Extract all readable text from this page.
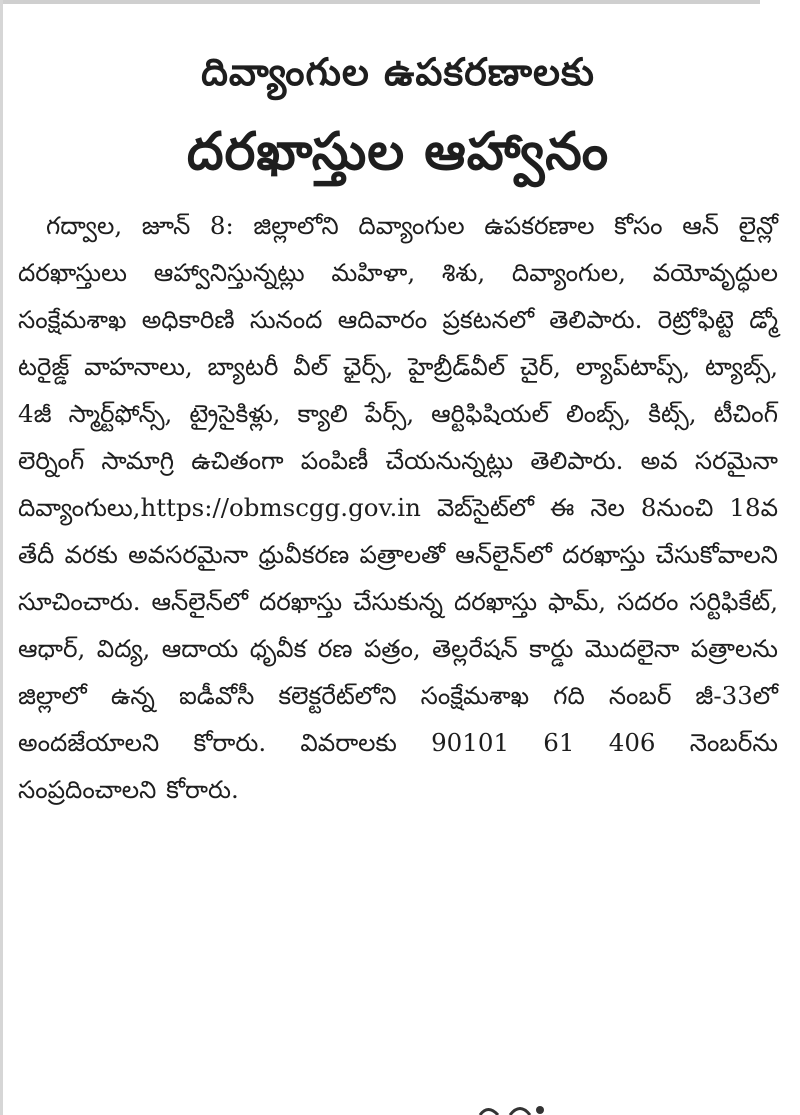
దివ్యాంగుల ఉపకరణాలకు
దరఖాస్తుల ఆహ్వానం

గద్వాల, జూన్ 8: జిల్లాలోని దివ్యాంగుల ఉపకరణాల కోసం ఆన్ లైన్లో దరఖాస్తులు ఆహ్వానిస్తున్నట్లు మహిళా, శిశు, దివ్యాంగుల, వయోవృద్ధుల సంక్షేమశాఖ అధికారిణి సునంద ఆదివారం ప్రకటనలో తెలిపారు. రెట్రోఫిట్టె డ్మో టరైజ్డ్ వాహనాలు, బ్యాటరీ వీల్ ఛైర్స్, హైబ్రీడ్‌వీల్ చైర్, ల్యాప్‌టాప్స్, ట్యాబ్స్, 4జీ స్మార్ట్‌ఫోన్స్, ట్రైసైకిళ్లు, క్యాలి పేర్స్, ఆర్టిఫిషియల్ లింబ్స్, కిట్స్, టీచింగ్ లెర్నింగ్ సామాగ్రి ఉచితంగా పంపిణీ చేయనున్నట్లు తెలిపారు. అవ సరమైనా దివ్యాంగులు,https://obmscgg.gov.in వెబ్‌సైట్‌లో ఈ నెల 8నుంచి 18వ తేదీ వరకు అవసరమైనా ధ్రువీకరణ పత్రాలతో ఆన్‌లైన్‌లో దరఖాస్తు చేసుకోవాలని సూచించారు. ఆన్‌లైన్‌లో దరఖాస్తు చేసుకున్న దరఖాస్తు ఫామ్, సదరం సర్టిఫికేట్, ఆధార్, విద్య, ఆదాయ ధృవీక రణ పత్రం, తెల్లరేషన్ కార్డు మొదలైనా పత్రాలను జిల్లాలో ఉన్న ఐడీవోసీ కలెక్టరేట్‌లోని సంక్షేమశాఖ గది నంబర్ జీ-33లో అందజేయాలని కోరారు. వివరాలకు 90101 61 406 నెంబర్‌ను సంప్రదించాలని కోరారు.
